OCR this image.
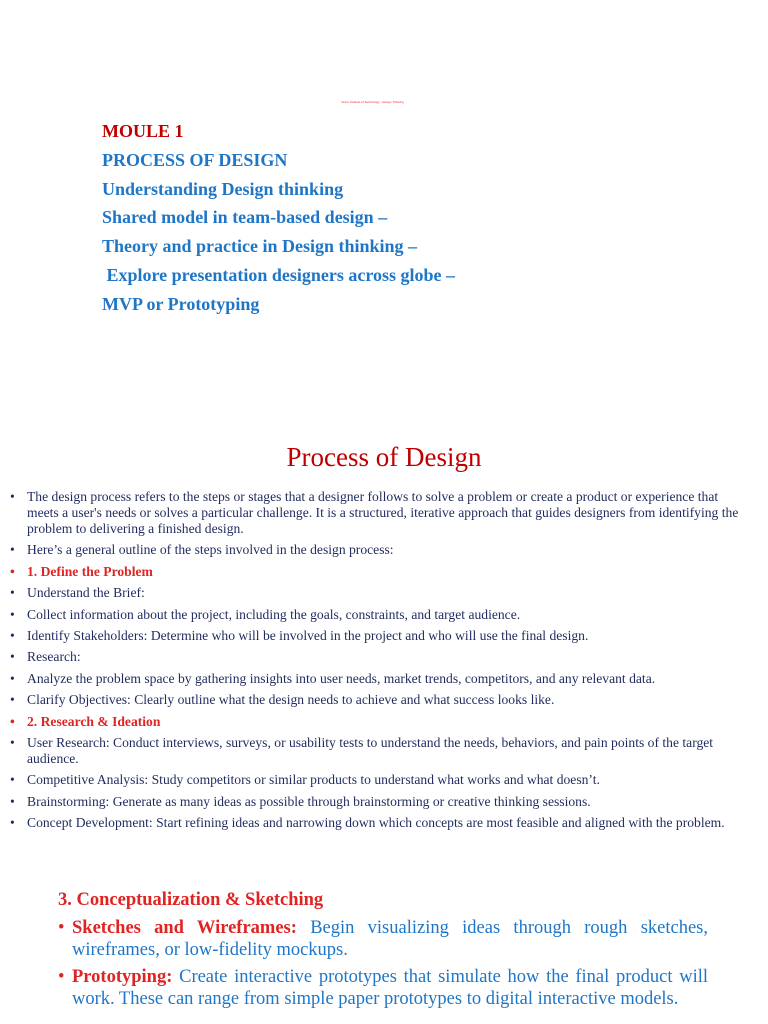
Vemu Institute of Technology · Design Thinking
MOULE 1
PROCESS OF DESIGN
Understanding Design thinking
Shared model in team-based design –
Theory and practice in Design thinking –
Explore presentation designers across globe –
MVP or Prototyping
Process of Design
• The design process refers to the steps or stages that a designer follows to solve a problem or create a product or experience that meets a user's needs or solves a particular challenge. It is a structured, iterative approach that guides designers from identifying the problem to delivering a finished design.
• Here’s a general outline of the steps involved in the design process:
• 1. Define the Problem
• Understand the Brief:
• Collect information about the project, including the goals, constraints, and target audience.
• Identify Stakeholders: Determine who will be involved in the project and who will use the final design.
• Research:
• Analyze the problem space by gathering insights into user needs, market trends, competitors, and any relevant data.
• Clarify Objectives: Clearly outline what the design needs to achieve and what success looks like.
• 2. Research & Ideation
• User Research: Conduct interviews, surveys, or usability tests to understand the needs, behaviors, and pain points of the target audience.
• Competitive Analysis: Study competitors or similar products to understand what works and what doesn’t.
• Brainstorming: Generate as many ideas as possible through brainstorming or creative thinking sessions.
• Concept Development: Start refining ideas and narrowing down which concepts are most feasible and aligned with the problem.
3. Conceptualization & Sketching
• Sketches and Wireframes: Begin visualizing ideas through rough sketches, wireframes, or low-fidelity mockups.
• Prototyping: Create interactive prototypes that simulate how the final product will work. These can range from simple paper prototypes to digital interactive models.
